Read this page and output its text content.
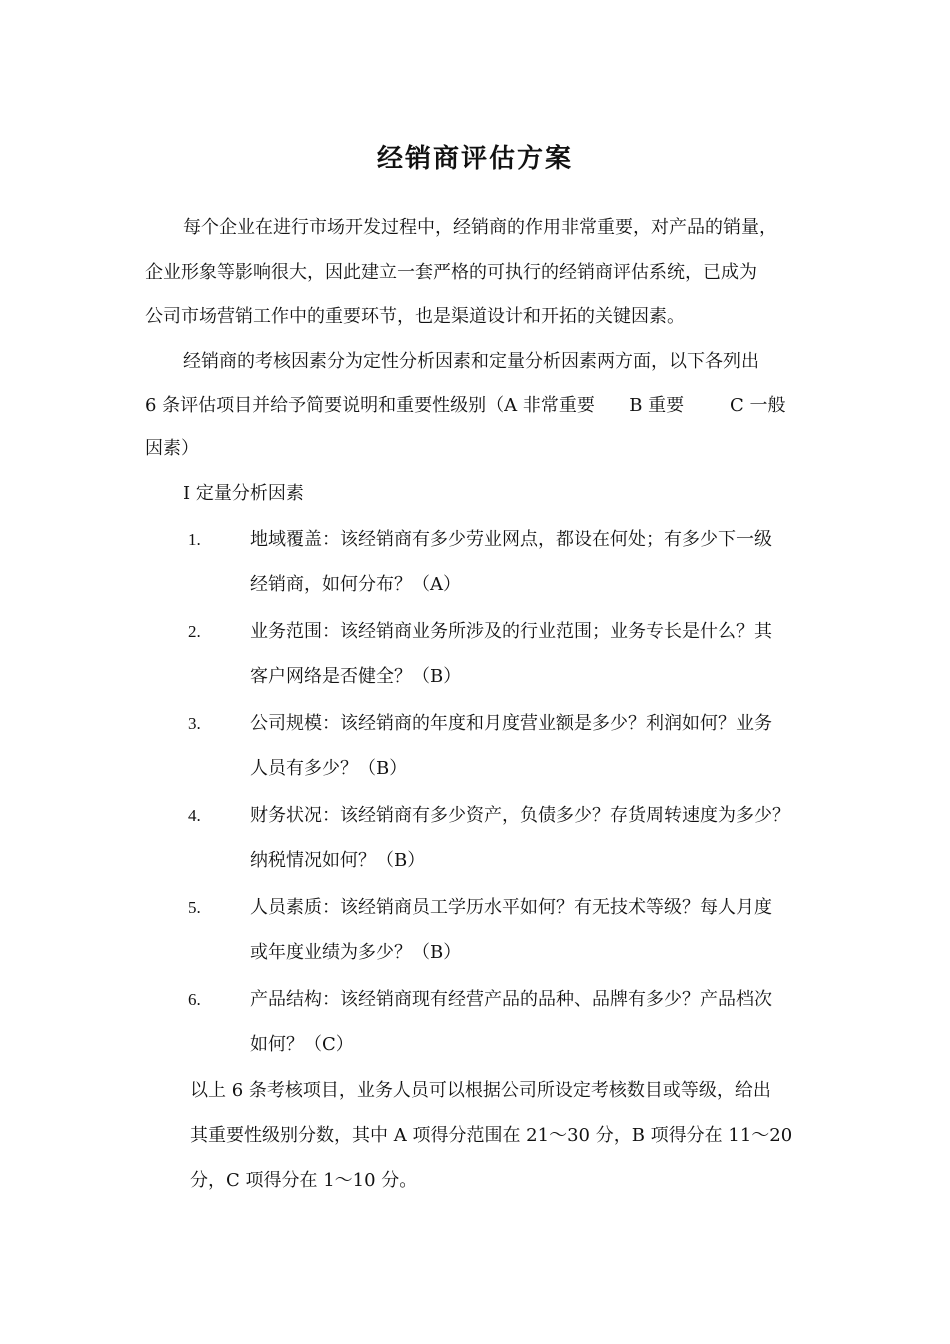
经销商评估方案
每个企业在进行市场开发过程中，经销商的作用非常重要，对产品的销量，
企业形象等影响很大，因此建立一套严格的可执行的经销商评估系统，已成为
公司市场营销工作中的重要环节，也是渠道设计和开拓的关键因素。
经销商的考核因素分为定性分析因素和定量分析因素两方面，以下各列出
6 条评估项目并给予简要说明和重要性级别（A 非常重要      B 重要        C 一般
因素）
I 定量分析因素
1.	地域覆盖：该经销商有多少劳业网点，都设在何处；有多少下一级
经销商，如何分布？（A）
2.	业务范围：该经销商业务所涉及的行业范围；业务专长是什么？其
客户网络是否健全？（B）
3.	公司规模：该经销商的年度和月度营业额是多少？利润如何？业务
人员有多少？（B）
4.	财务状况：该经销商有多少资产，负债多少？存货周转速度为多少？
纳税情况如何？（B）
5.	人员素质：该经销商员工学历水平如何？有无技术等级？每人月度
或年度业绩为多少？（B）
6.	产品结构：该经销商现有经营产品的品种、品牌有多少？产品档次
如何？（C）
以上 6 条考核项目，业务人员可以根据公司所设定考核数目或等级，给出
其重要性级别分数，其中 A 项得分范围在 21～30 分，B 项得分在 11～20
分，C 项得分在 1～10 分。
